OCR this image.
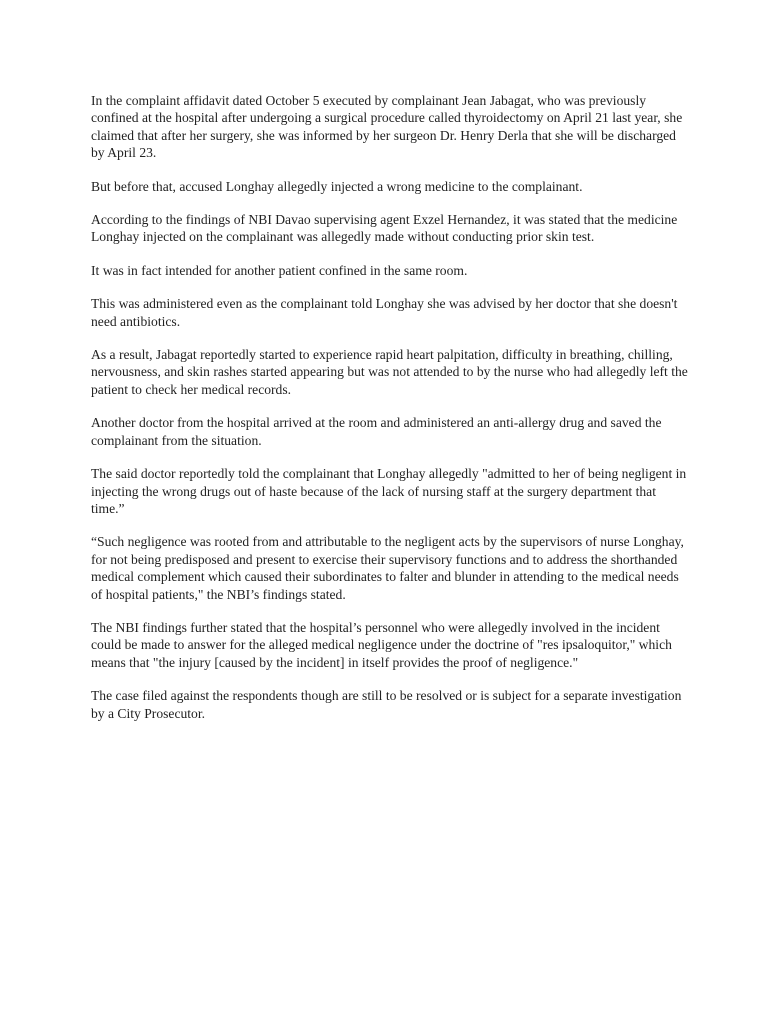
In the complaint affidavit dated October 5 executed by complainant Jean Jabagat, who was previously confined at the hospital after undergoing a surgical procedure called thyroidectomy on April 21 last year, she claimed that after her surgery, she was informed by her surgeon Dr. Henry Derla that she will be discharged by April 23.

But before that, accused Longhay allegedly injected a wrong medicine to the complainant.

According to the findings of NBI Davao supervising agent Exzel Hernandez, it was stated that the medicine Longhay injected on the complainant was allegedly made without conducting prior skin test.

It was in fact intended for another patient confined in the same room.

This was administered even as the complainant told Longhay she was advised by her doctor that she doesn't need antibiotics.

As a result, Jabagat reportedly started to experience rapid heart palpitation, difficulty in breathing, chilling, nervousness, and skin rashes started appearing but was not attended to by the nurse who had allegedly left the patient to check her medical records.

Another doctor from the hospital arrived at the room and administered an anti-allergy drug and saved the complainant from the situation.

The said doctor reportedly told the complainant that Longhay allegedly "admitted to her of being negligent in injecting the wrong drugs out of haste because of the lack of nursing staff at the surgery department that time.”

“Such negligence was rooted from and attributable to the negligent acts by the supervisors of nurse Longhay, for not being predisposed and present to exercise their supervisory functions and to address the shorthanded medical complement which caused their subordinates to falter and blunder in attending to the medical needs of hospital patients," the NBI’s findings stated.

The NBI findings further stated that the hospital’s personnel who were allegedly involved in the incident could be made to answer for the alleged medical negligence under the doctrine of "res ipsaloquitor," which means that "the injury [caused by the incident] in itself provides the proof of negligence."

The case filed against the respondents though are still to be resolved or is subject for a separate investigation by a City Prosecutor.
